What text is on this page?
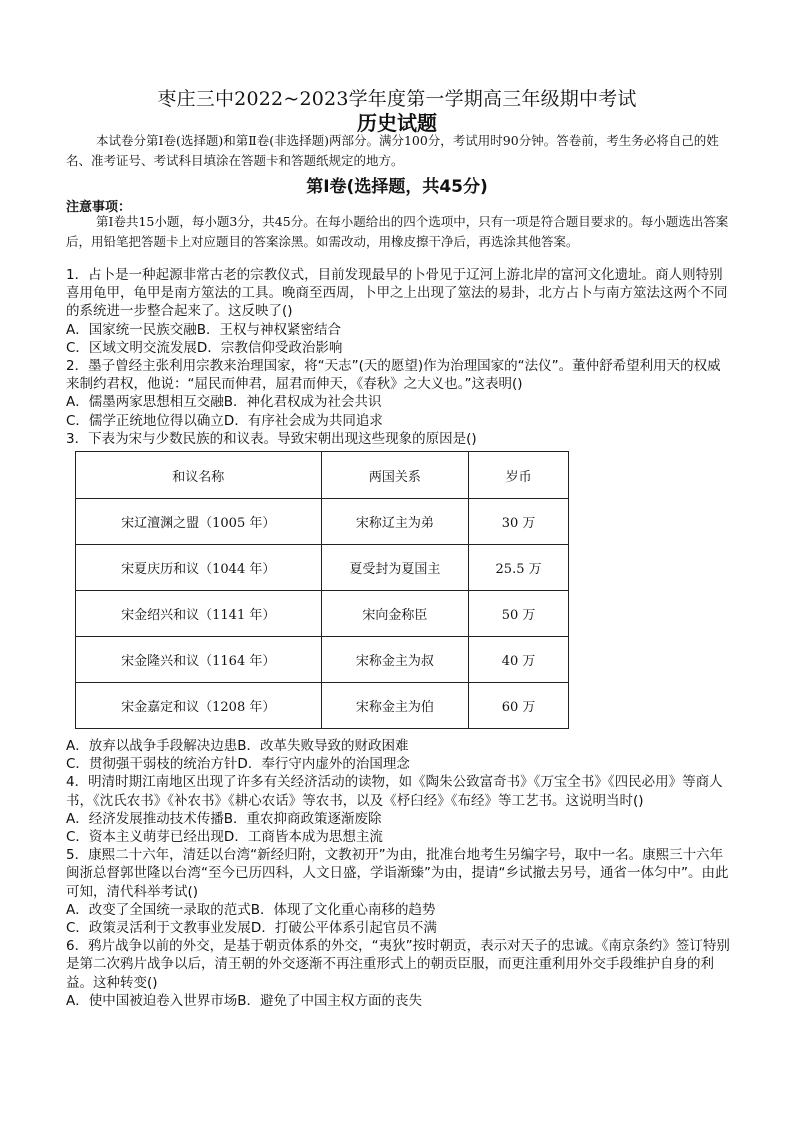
枣庄三中2022~2023学年度第一学期高三年级期中考试
历史试题
本试卷分第Ⅰ卷(选择题)和第Ⅱ卷(非选择题)两部分。满分100分，考试用时90分钟。答卷前，考生务必将自己的姓名、准考证号、考试科目填涂在答题卡和答题纸规定的地方。
第Ⅰ卷(选择题，共45分)
注意事项：
第Ⅰ卷共15小题，每小题3分，共45分。在每小题给出的四个选项中，只有一项是符合题目要求的。每小题选出答案后，用铅笔把答题卡上对应题目的答案涂黑。如需改动，用橡皮擦干净后，再选涂其他答案。

1．占卜是一种起源非常古老的宗教仪式，目前发现最早的卜骨见于辽河上游北岸的富河文化遗址。商人则特别喜用龟甲，龟甲是南方筮法的工具。晚商至西周，卜甲之上出现了筮法的易卦，北方占卜与南方筮法这两个不同的系统进一步整合起来了。这反映了()

A．国家统一民族交融B．王权与神权紧密结合

C．区域文明交流发展D．宗教信仰受政治影响

2．墨子曾经主张利用宗教来治理国家，将“天志”(天的愿望)作为治理国家的“法仪”。董仲舒希望利用天的权威来制约君权，他说：“屈民而伸君，屈君而伸天，《春秋》之大义也。”这表明()

A．儒墨两家思想相互交融B．神化君权成为社会共识

C．儒学正统地位得以确立D．有序社会成为共同追求

3．下表为宋与少数民族的和议表。导致宋朝出现这些现象的原因是()

和议名称	两国关系	岁币
宋辽澶渊之盟（1005 年）	宋称辽主为弟	30 万
宋夏庆历和议（1044 年）	夏受封为夏国主	25.5 万
宋金绍兴和议（1141 年）	宋向金称臣	50 万
宋金隆兴和议（1164 年）	宋称金主为叔	40 万
宋金嘉定和议（1208 年）	宋称金主为伯	60 万

A．放弃以战争手段解决边患B．改革失败导致的财政困难

C．贯彻强干弱枝的统治方针D．奉行守内虚外的治国理念

4．明清时期江南地区出现了许多有关经济活动的读物，如《陶朱公致富奇书》《万宝全书》《四民必用》等商人书，《沈氏农书》《补农书》《耕心农话》等农书，以及《杼臼经》《布经》等工艺书。这说明当时()

A．经济发展推动技术传播B．重农抑商政策逐渐废除

C．资本主义萌芽已经出现D．工商皆本成为思想主流

5．康熙二十六年，清廷以台湾“新经归附，文教初开”为由，批准台地考生另编字号，取中一名。康熙三十六年闽浙总督郭世隆以台湾“至今已历四科，人文日盛，学诣渐臻”为由，提请“乡试撤去另号，通省一体匀中”。由此可知，清代科举考试()

A．改变了全国统一录取的范式B．体现了文化重心南移的趋势

C．政策灵活利于文教事业发展D．打破公平体系引起官员不满

6．鸦片战争以前的外交，是基于朝贡体系的外交，“夷狄”按时朝贡，表示对天子的忠诚。《南京条约》签订特别是第二次鸦片战争以后，清王朝的外交逐渐不再注重形式上的朝贡臣服，而更注重利用外交手段维护自身的利益。这种转变()

A．使中国被迫卷入世界市场B．避免了中国主权方面的丧失
